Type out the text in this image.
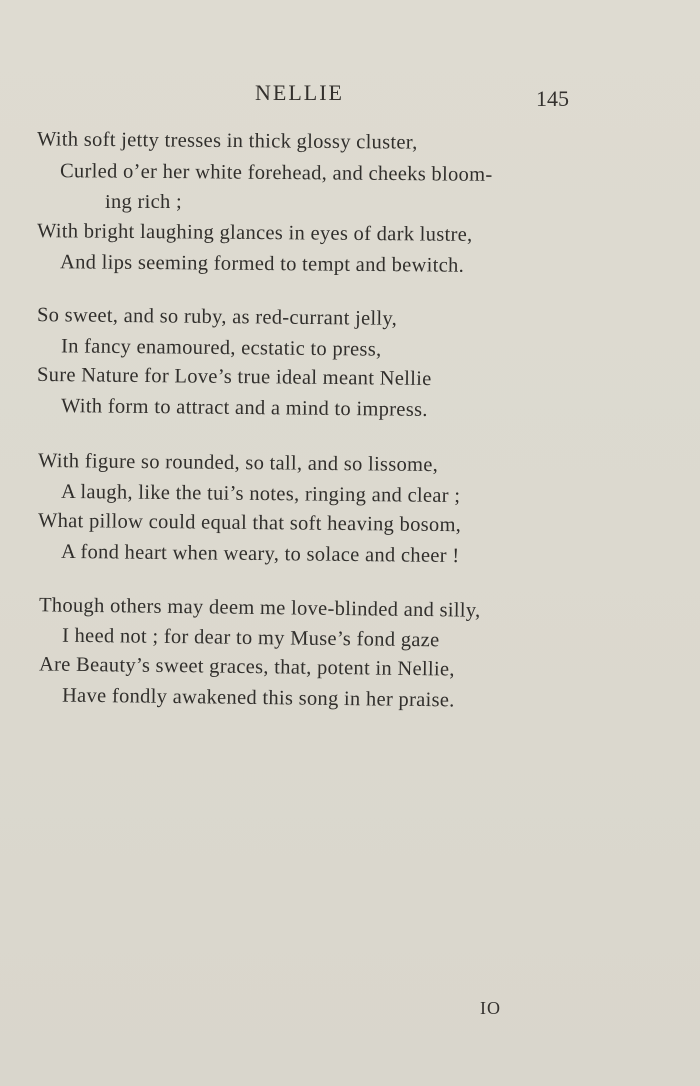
NELLIE	145
With soft jetty tresses in thick glossy cluster,
Curled o’er her white forehead, and cheeks bloom-
ing rich ;
With bright laughing glances in eyes of dark lustre,
And lips seeming formed to tempt and bewitch.
So sweet, and so ruby, as red-currant jelly,
In fancy enamoured, ecstatic to press,
Sure Nature for Love’s true ideal meant Nellie
With form to attract and a mind to impress.
With figure so rounded, so tall, and so lissome,
A laugh, like the tui’s notes, ringing and clear ;
What pillow could equal that soft heaving bosom,
A fond heart when weary, to solace and cheer !
Though others may deem me love-blinded and silly,
I heed not ; for dear to my Muse’s fond gaze
Are Beauty’s sweet graces, that, potent in Nellie,
Have fondly awakened this song in her praise.
IO
